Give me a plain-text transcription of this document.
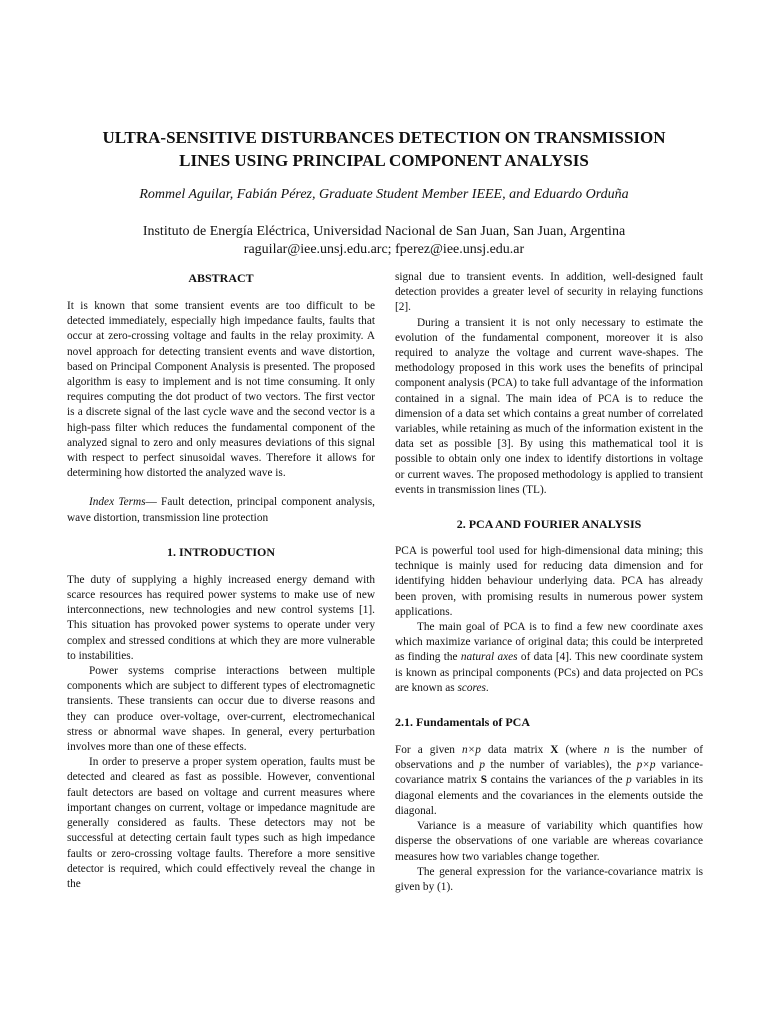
ULTRA-SENSITIVE DISTURBANCES DETECTION ON TRANSMISSION
LINES USING PRINCIPAL COMPONENT ANALYSIS
Rommel Aguilar, Fabián Pérez, Graduate Student Member IEEE, and Eduardo Orduña
Instituto de Energía Eléctrica, Universidad Nacional de San Juan, San Juan, Argentina
raguilar@iee.unsj.edu.arc; fperez@iee.unsj.edu.ar
ABSTRACT

It is known that some transient events are too difficult to be detected immediately, especially high impedance faults, faults that occur at zero-crossing voltage and faults in the relay proximity. A novel approach for detecting transient events and wave distortion, based on Principal Component Analysis is presented. The proposed algorithm is easy to implement and is not time consuming. It only requires computing the dot product of two vectors. The first vector is a discrete signal of the last cycle wave and the second vector is a high-pass filter which reduces the fundamental component of the analyzed signal to zero and only measures deviations of this signal with respect to perfect sinusoidal waves. Therefore it allows for determining how distorted the analyzed wave is.

Index Terms— Fault detection, principal component analysis, wave distortion, transmission line protection

1. INTRODUCTION

The duty of supplying a highly increased energy demand with scarce resources has required power systems to make use of new interconnections, new technologies and new control systems [1]. This situation has provoked power systems to operate under very complex and stressed conditions at which they are more vulnerable to instabilities.

Power systems comprise interactions between multiple components which are subject to different types of electromagnetic transients. These transients can occur due to diverse reasons and they can produce over-voltage, over-current, electromechanical stress or abnormal wave shapes. In general, every perturbation involves more than one of these effects.

In order to preserve a proper system operation, faults must be detected and cleared as fast as possible. However, conventional fault detectors are based on voltage and current measures where important changes on current, voltage or impedance magnitude are generally considered as faults. These detectors may not be successful at detecting certain fault types such as high impedance faults or zero-crossing voltage faults. Therefore a more sensitive detector is required, which could effectively reveal the change in the

signal due to transient events. In addition, well-designed fault detection provides a greater level of security in relaying functions [2].

During a transient it is not only necessary to estimate the evolution of the fundamental component, moreover it is also required to analyze the voltage and current wave-shapes. The methodology proposed in this work uses the benefits of principal component analysis (PCA) to take full advantage of the information contained in a signal. The main idea of PCA is to reduce the dimension of a data set which contains a great number of correlated variables, while retaining as much of the information existent in the data set as possible [3]. By using this mathematical tool it is possible to obtain only one index to identify distortions in voltage or current waves. The proposed methodology is applied to transient events in transmission lines (TL).

2. PCA AND FOURIER ANALYSIS

PCA is powerful tool used for high-dimensional data mining; this technique is mainly used for reducing data dimension and for identifying hidden behaviour underlying data. PCA has already been proven, with promising results in numerous power system applications.

The main goal of PCA is to find a few new coordinate axes which maximize variance of original data; this could be interpreted as finding the natural axes of data [4]. This new coordinate system is known as principal components (PCs) and data projected on PCs are known as scores.

2.1. Fundamentals of PCA

For a given n×p data matrix X (where n is the number of observations and p the number of variables), the p×p variance-covariance matrix S contains the variances of the p variables in its diagonal elements and the covariances in the elements outside the diagonal.

Variance is a measure of variability which quantifies how disperse the observations of one variable are whereas covariance measures how two variables change together.

The general expression for the variance-covariance matrix is given by (1).
